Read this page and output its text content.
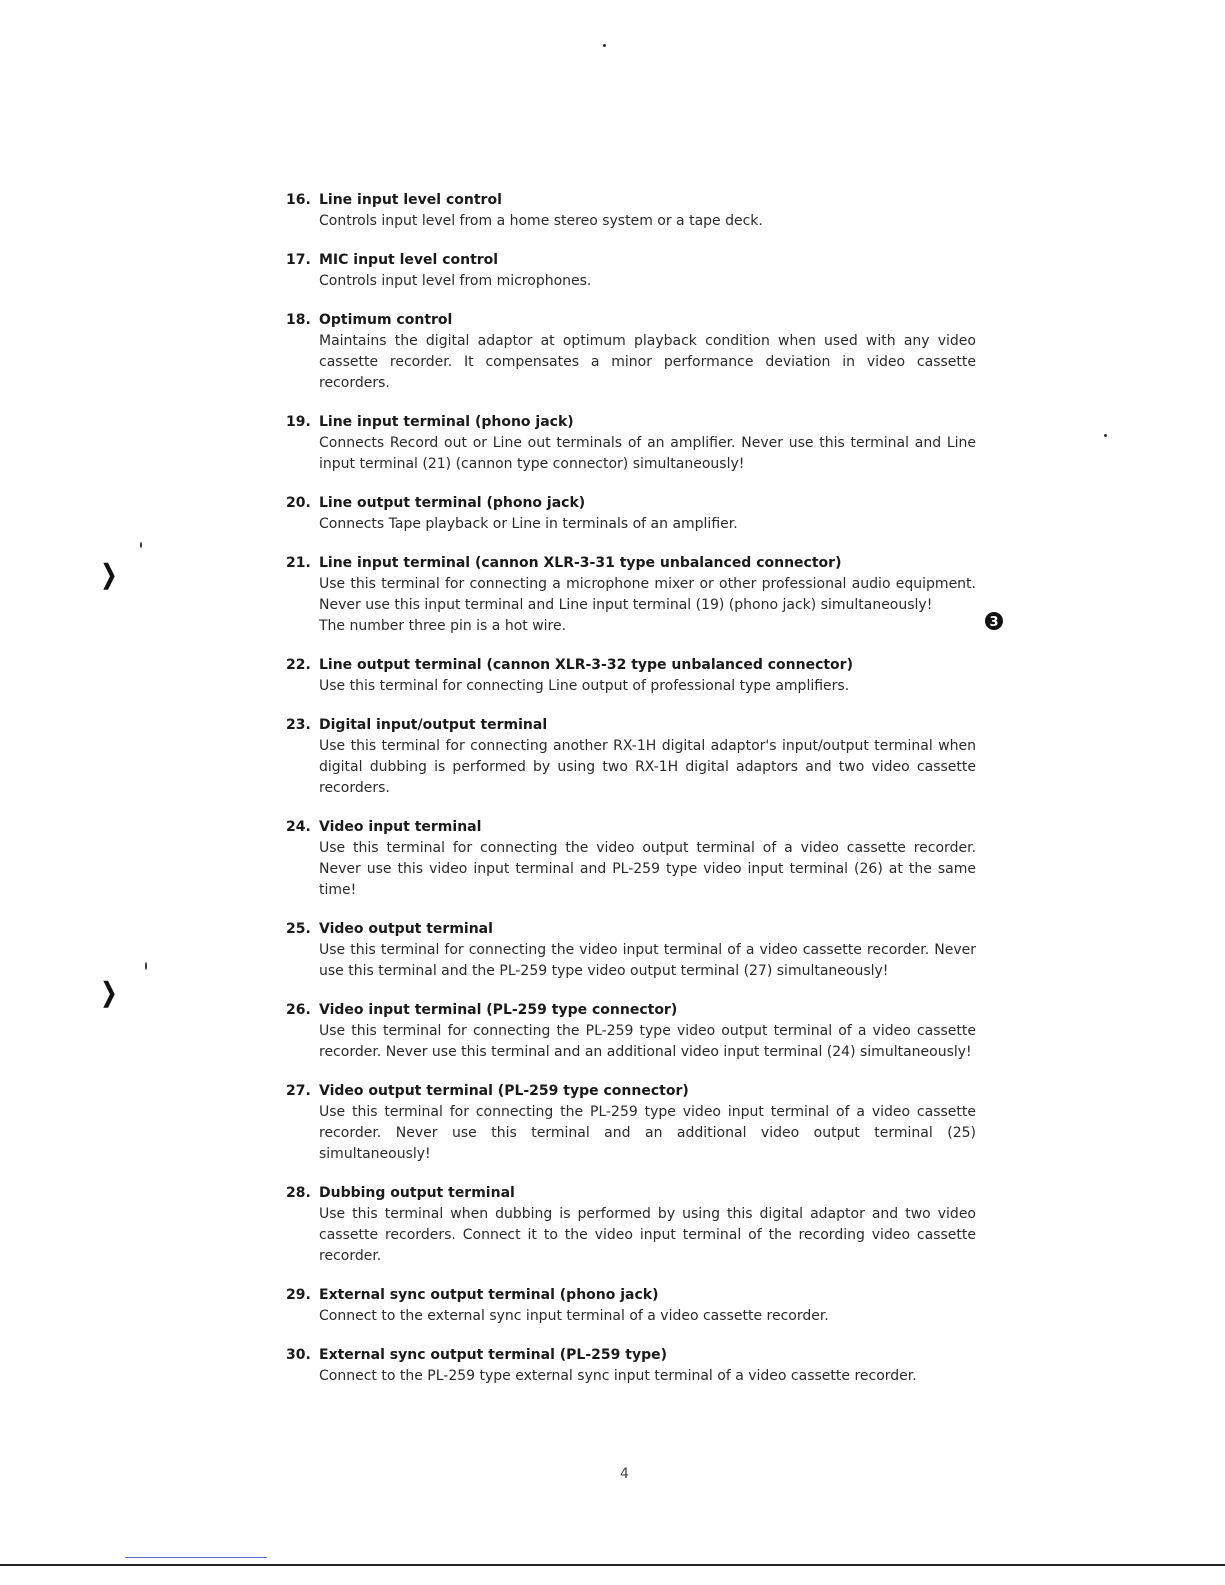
16. Line input level control
Controls input level from a home stereo system or a tape deck.
17. MIC input level control
Controls input level from microphones.
18. Optimum control
Maintains the digital adaptor at optimum playback condition when used with any video cassette recorder. It compensates a minor performance deviation in video cassette recorders.
19. Line input terminal (phono jack)
Connects Record out or Line out terminals of an amplifier. Never use this terminal and Line input terminal (21) (cannon type connector) simultaneously!
20. Line output terminal (phono jack)
Connects Tape playback or Line in terminals of an amplifier.
21. Line input terminal (cannon XLR-3-31 type unbalanced connector)
Use this terminal for connecting a microphone mixer or other professional audio equipment. Never use this input terminal and Line input terminal (19) (phono jack) simultaneously!
The number three pin is a hot wire.
22. Line output terminal (cannon XLR-3-32 type unbalanced connector)
Use this terminal for connecting Line output of professional type amplifiers.
23. Digital input/output terminal
Use this terminal for connecting another RX-1H digital adaptor's input/output terminal when digital dubbing is performed by using two RX-1H digital adaptors and two video cassette recorders.
24. Video input terminal
Use this terminal for connecting the video output terminal of a video cassette recorder. Never use this video input terminal and PL-259 type video input terminal (26) at the same time!
25. Video output terminal
Use this terminal for connecting the video input terminal of a video cassette recorder. Never use this terminal and the PL-259 type video output terminal (27) simultaneously!
26. Video input terminal (PL-259 type connector)
Use this terminal for connecting the PL-259 type video output terminal of a video cassette recorder. Never use this terminal and an additional video input terminal (24) simultaneously!
27. Video output terminal (PL-259 type connector)
Use this terminal for connecting the PL-259 type video input terminal of a video cassette recorder. Never use this terminal and an additional video output terminal (25) simultaneously!
28. Dubbing output terminal
Use this terminal when dubbing is performed by using this digital adaptor and two video cassette recorders. Connect it to the video input terminal of the recording video cassette recorder.
29. External sync output terminal (phono jack)
Connect to the external sync input terminal of a video cassette recorder.
30. External sync output terminal (PL-259 type)
Connect to the PL-259 type external sync input terminal of a video cassette recorder.
4
3
❭
❭
